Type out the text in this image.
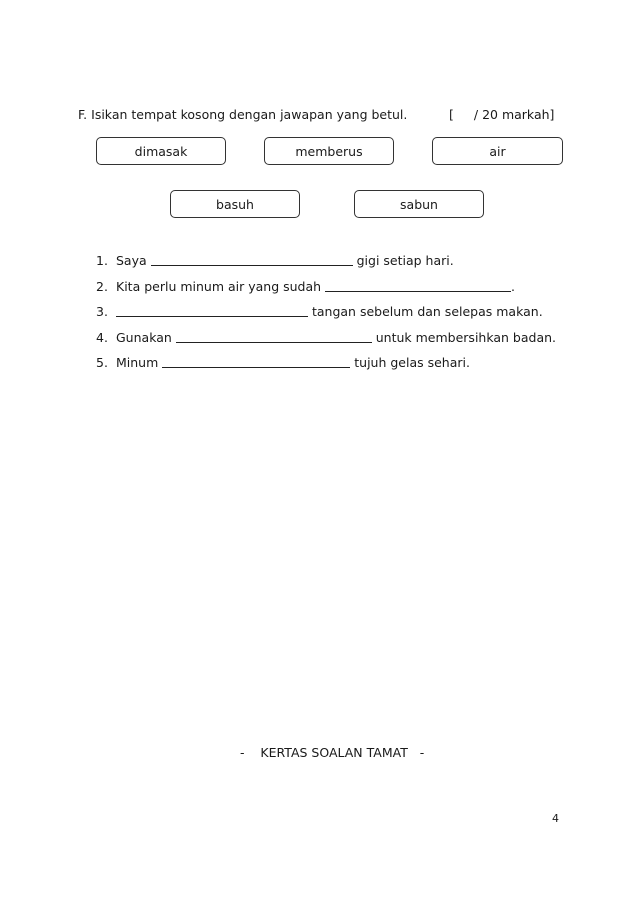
F. Isikan tempat kosong dengan jawapan yang betul.	[ / 20 markah]
dimasak	memberus	air
basuh	sabun
1. Saya	gigi setiap hari.
2. Kita perlu minum air yang sudah	.
3.	tangan sebelum dan selepas makan.
4. Gunakan	untuk membersihkan badan.
5. Minum	tujuh gelas sehari.
-    KERTAS SOALAN TAMAT   -
4
